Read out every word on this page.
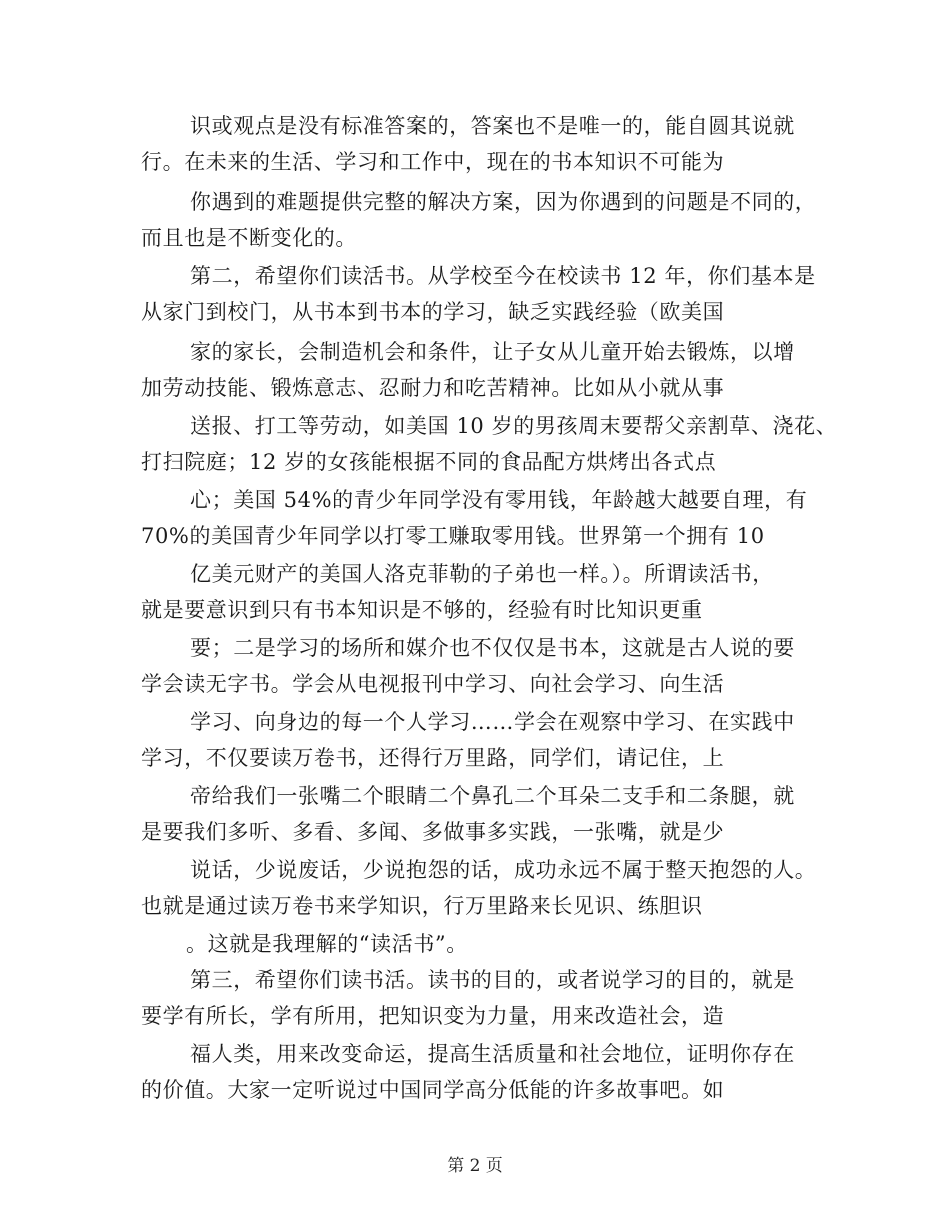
识或观点是没有标准答案的，答案也不是唯一的，能自圆其说就
行。在未来的生活、学习和工作中，现在的书本知识不可能为
你遇到的难题提供完整的解决方案，因为你遇到的问题是不同的，
而且也是不断变化的。
第二，希望你们读活书。从学校至今在校读书 12 年，你们基本是
从家门到校门，从书本到书本的学习，缺乏实践经验（欧美国
家的家长，会制造机会和条件，让子女从儿童开始去锻炼，以增
加劳动技能、锻炼意志、忍耐力和吃苦精神。比如从小就从事
送报、打工等劳动，如美国 10 岁的男孩周末要帮父亲割草、浇花、
打扫院庭；12 岁的女孩能根据不同的食品配方烘烤出各式点
心；美国 54%的青少年同学没有零用钱，年龄越大越要自理，有
70%的美国青少年同学以打零工赚取零用钱。世界第一个拥有 10
亿美元财产的美国人洛克菲勒的子弟也一样。）。所谓读活书，
就是要意识到只有书本知识是不够的，经验有时比知识更重
要；二是学习的场所和媒介也不仅仅是书本，这就是古人说的要
学会读无字书。学会从电视报刊中学习、向社会学习、向生活
学习、向身边的每一个人学习……学会在观察中学习、在实践中
学习，不仅要读万卷书，还得行万里路，同学们，请记住，上
帝给我们一张嘴二个眼睛二个鼻孔二个耳朵二支手和二条腿，就
是要我们多听、多看、多闻、多做事多实践，一张嘴，就是少
说话，少说废话，少说抱怨的话，成功永远不属于整天抱怨的人。
也就是通过读万卷书来学知识，行万里路来长见识、练胆识
。这就是我理解的“读活书”。
第三，希望你们读书活。读书的目的，或者说学习的目的，就是
要学有所长，学有所用，把知识变为力量，用来改造社会，造
福人类，用来改变命运，提高生活质量和社会地位，证明你存在
的价值。大家一定听说过中国同学高分低能的许多故事吧。如
第 2 页
